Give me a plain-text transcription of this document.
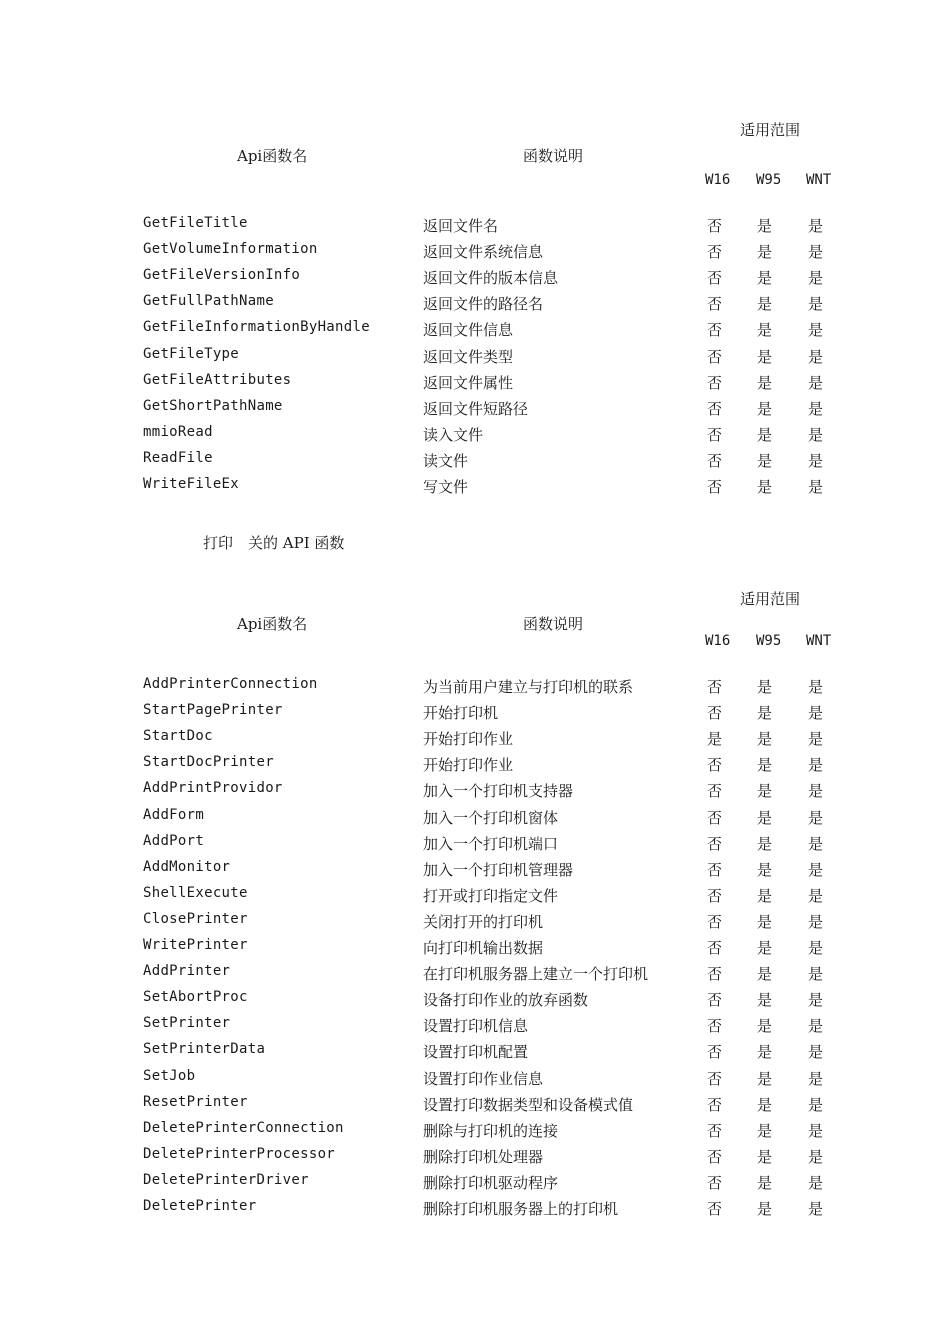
适用范围
Api函数名	函数说明
W16 W95 WNT
GetFileTitle	返回文件名	否 是 是
GetVolumeInformation	返回文件系统信息	否 是 是
GetFileVersionInfo	返回文件的版本信息	否 是 是
GetFullPathName	返回文件的路径名	否 是 是
GetFileInformationByHandle	返回文件信息	否 是 是
GetFileType	返回文件类型	否 是 是
GetFileAttributes	返回文件属性	否 是 是
GetShortPathName	返回文件短路径	否 是 是
mmioRead	读入文件	否 是 是
ReadFile	读文件	否 是 是
WriteFileEx	写文件	否 是 是
打印　关的 API 函数
适用范围
Api函数名	函数说明
W16 W95 WNT
AddPrinterConnection	为当前用户建立与打印机的联系	否 是 是
StartPagePrinter	开始打印机	否 是 是
StartDoc	开始打印作业	是 是 是
StartDocPrinter	开始打印作业	否 是 是
AddPrintProvidor	加入一个打印机支持器	否 是 是
AddForm	加入一个打印机窗体	否 是 是
AddPort	加入一个打印机端口	否 是 是
AddMonitor	加入一个打印机管理器	否 是 是
ShellExecute	打开或打印指定文件	否 是 是
ClosePrinter	关闭打开的打印机	否 是 是
WritePrinter	向打印机输出数据	否 是 是
AddPrinter	在打印机服务器上建立一个打印机	否 是 是
SetAbortProc	设备打印作业的放弃函数	否 是 是
SetPrinter	设置打印机信息	否 是 是
SetPrinterData	设置打印机配置	否 是 是
SetJob	设置打印作业信息	否 是 是
ResetPrinter	设置打印数据类型和设备模式值	否 是 是
DeletePrinterConnection	删除与打印机的连接	否 是 是
DeletePrinterProcessor	删除打印机处理器	否 是 是
DeletePrinterDriver	删除打印机驱动程序	否 是 是
DeletePrinter	删除打印机服务器上的打印机	否 是 是
